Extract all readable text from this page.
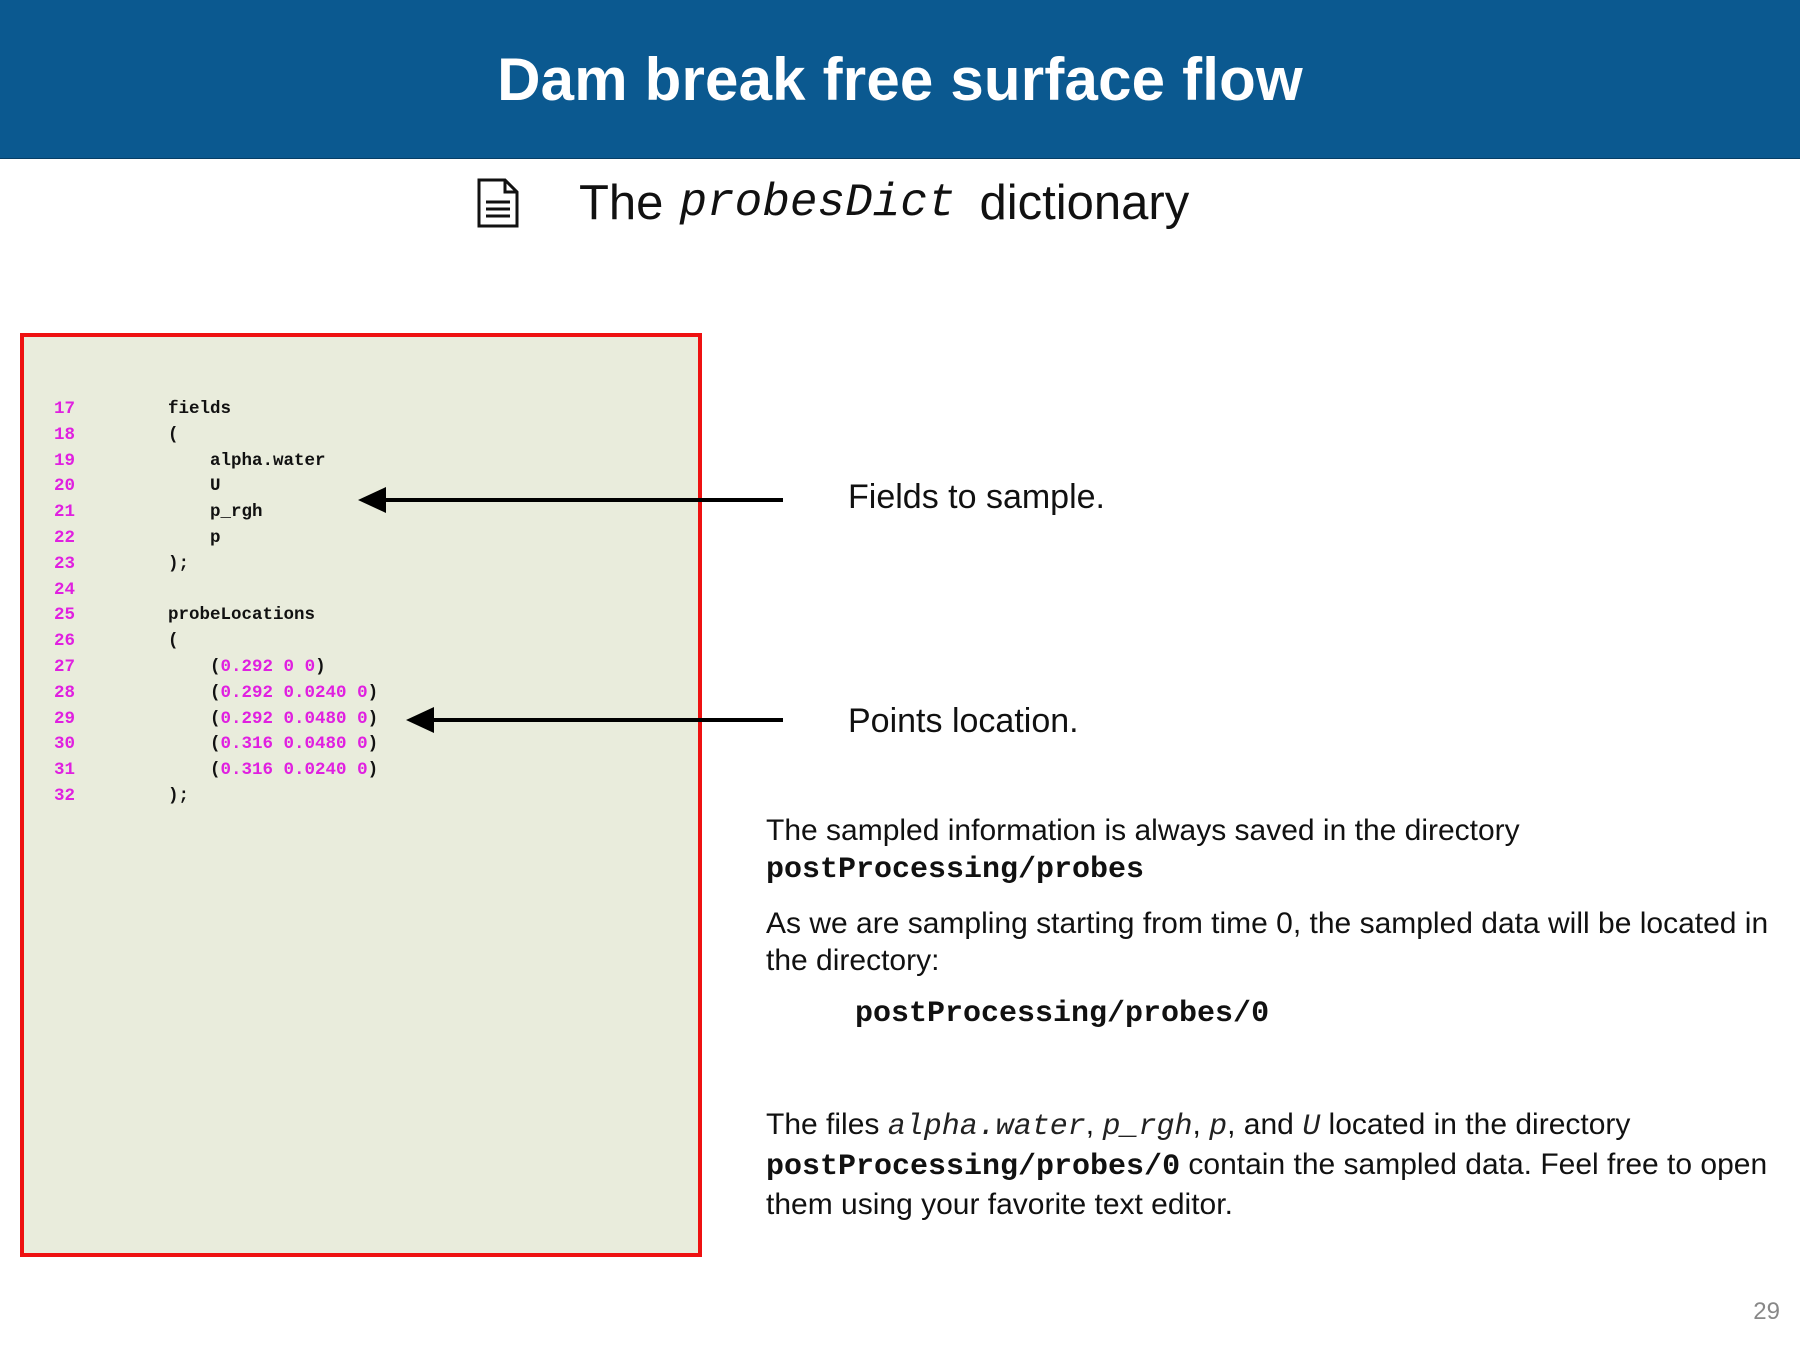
Dam break free surface flow
The probesDict dictionary
17	fields
18	(
19	alpha.water
20	U
21	p_rgh
22	p
23	);
24
25	probeLocations
26	(
27	(0.292 0 0)
28	(0.292 0.0240 0)
29	(0.292 0.0480 0)
30	(0.316 0.0480 0)
31	(0.316 0.0240 0)
32	);
Fields to sample.
Points location.
The sampled information is always saved in the directory
postProcessing/probes
As we are sampling starting from time 0, the sampled data will be located in the directory:
postProcessing/probes/0
The files alpha.water, p_rgh, p, and U located in the directory
postProcessing/probes/0 contain the sampled data. Feel free to open them using your favorite text editor.
29
